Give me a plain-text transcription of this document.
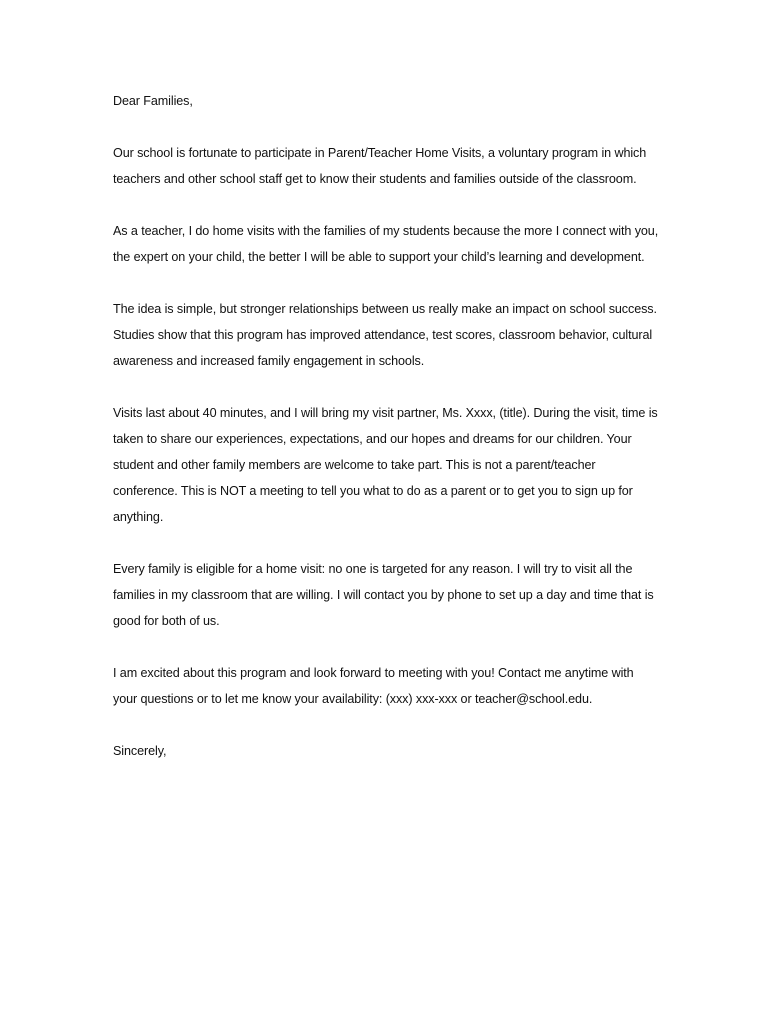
Dear Families,

Our school is fortunate to participate in Parent/Teacher Home Visits, a voluntary program in which teachers and other school staff get to know their students and families outside of the classroom.

As a teacher, I do home visits with the families of my students because the more I connect with you, the expert on your child, the better I will be able to support your child’s learning and development.

The idea is simple, but stronger relationships between us really make an impact on school success. Studies show that this program has improved attendance, test scores, classroom behavior, cultural awareness and increased family engagement in schools.

Visits last about 40 minutes, and I will bring my visit partner, Ms. Xxxx, (title). During the visit, time is taken to share our experiences, expectations, and our hopes and dreams for our children. Your student and other family members are welcome to take part. This is not a parent/teacher conference. This is NOT a meeting to tell you what to do as a parent or to get you to sign up for anything.

Every family is eligible for a home visit: no one is targeted for any reason. I will try to visit all the families in my classroom that are willing. I will contact you by phone to set up a day and time that is good for both of us.

I am excited about this program and look forward to meeting with you! Contact me anytime with your questions or to let me know your availability: (xxx) xxx-xxx or teacher@school.edu.

Sincerely,
